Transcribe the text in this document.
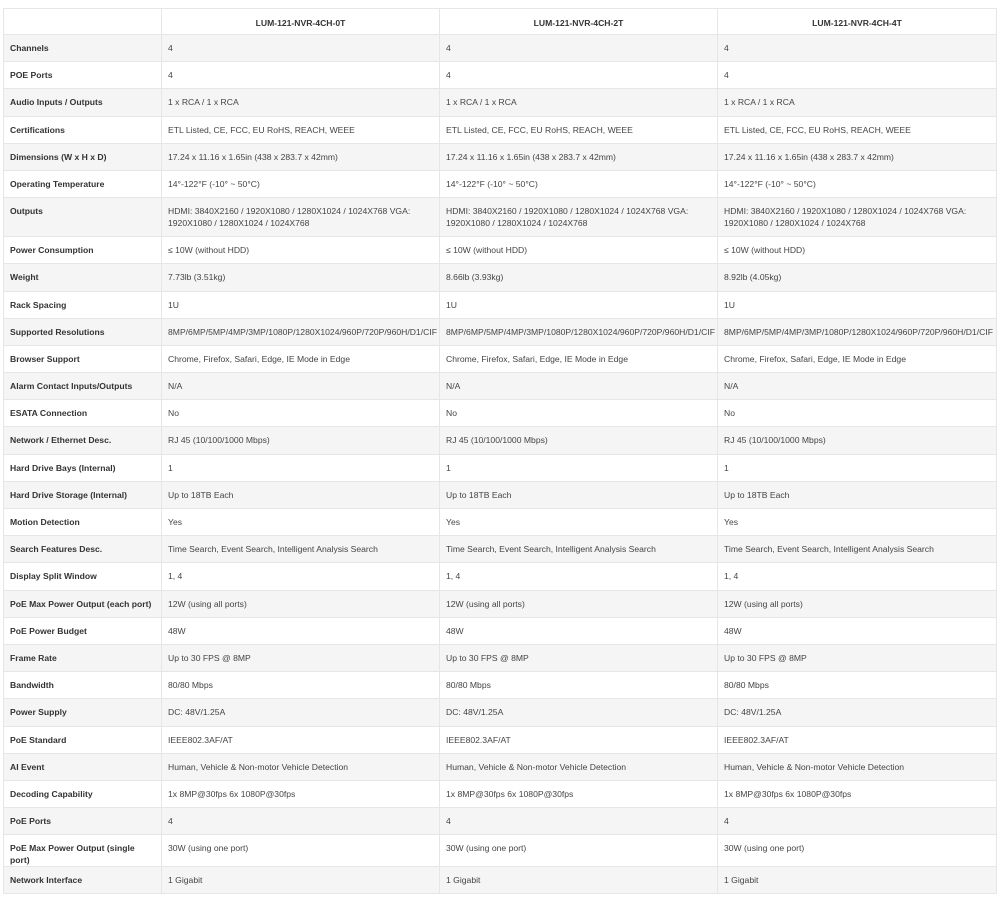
	LUM-121-NVR-4CH-0T	LUM-121-NVR-4CH-2T	LUM-121-NVR-4CH-4T
Channels	4	4	4
POE Ports	4	4	4
Audio Inputs / Outputs	1 x RCA / 1 x RCA	1 x RCA / 1 x RCA	1 x RCA / 1 x RCA
Certifications	ETL Listed, CE, FCC, EU RoHS, REACH, WEEE	ETL Listed, CE, FCC, EU RoHS, REACH, WEEE	ETL Listed, CE, FCC, EU RoHS, REACH, WEEE
Dimensions (W x H x D)	17.24 x 11.16 x 1.65in (438 x 283.7 x 42mm)	17.24 x 11.16 x 1.65in (438 x 283.7 x 42mm)	17.24 x 11.16 x 1.65in (438 x 283.7 x 42mm)
Operating Temperature	14°-122°F (-10° ~ 50°C)	14°-122°F (-10° ~ 50°C)	14°-122°F (-10° ~ 50°C)
Outputs	HDMI: 3840X2160 / 1920X1080 / 1280X1024 / 1024X768 VGA: 1920X1080 / 1280X1024 / 1024X768	HDMI: 3840X2160 / 1920X1080 / 1280X1024 / 1024X768 VGA: 1920X1080 / 1280X1024 / 1024X768	HDMI: 3840X2160 / 1920X1080 / 1280X1024 / 1024X768 VGA: 1920X1080 / 1280X1024 / 1024X768
Power Consumption	≤ 10W (without HDD)	≤ 10W (without HDD)	≤ 10W (without HDD)
Weight	7.73lb (3.51kg)	8.66lb (3.93kg)	8.92lb (4.05kg)
Rack Spacing	1U	1U	1U
Supported Resolutions	8MP/6MP/5MP/4MP/3MP/1080P/1280X1024/960P/720P/960H/D1/CIF	8MP/6MP/5MP/4MP/3MP/1080P/1280X1024/960P/720P/960H/D1/CIF	8MP/6MP/5MP/4MP/3MP/1080P/1280X1024/960P/720P/960H/D1/CIF
Browser Support	Chrome, Firefox, Safari, Edge, IE Mode in Edge	Chrome, Firefox, Safari, Edge, IE Mode in Edge	Chrome, Firefox, Safari, Edge, IE Mode in Edge
Alarm Contact Inputs/Outputs	N/A	N/A	N/A
ESATA Connection	No	No	No
Network / Ethernet Desc.	RJ 45 (10/100/1000 Mbps)	RJ 45 (10/100/1000 Mbps)	RJ 45 (10/100/1000 Mbps)
Hard Drive Bays (Internal)	1	1	1
Hard Drive Storage (Internal)	Up to 18TB Each	Up to 18TB Each	Up to 18TB Each
Motion Detection	Yes	Yes	Yes
Search Features Desc.	Time Search, Event Search, Intelligent Analysis Search	Time Search, Event Search, Intelligent Analysis Search	Time Search, Event Search, Intelligent Analysis Search
Display Split Window	1, 4	1, 4	1, 4
PoE Max Power Output (each port)	12W (using all ports)	12W (using all ports)	12W (using all ports)
PoE Power Budget	48W	48W	48W
Frame Rate	Up to 30 FPS @ 8MP	Up to 30 FPS @ 8MP	Up to 30 FPS @ 8MP
Bandwidth	80/80 Mbps	80/80 Mbps	80/80 Mbps
Power Supply	DC: 48V/1.25A	DC: 48V/1.25A	DC: 48V/1.25A
PoE Standard	IEEE802.3AF/AT	IEEE802.3AF/AT	IEEE802.3AF/AT
AI Event	Human, Vehicle & Non-motor Vehicle Detection	Human, Vehicle & Non-motor Vehicle Detection	Human, Vehicle & Non-motor Vehicle Detection
Decoding Capability	1x 8MP@30fps 6x 1080P@30fps	1x 8MP@30fps 6x 1080P@30fps	1x 8MP@30fps 6x 1080P@30fps
PoE Ports	4	4	4
PoE Max Power Output (single port)	30W (using one port)	30W (using one port)	30W (using one port)
Network Interface	1 Gigabit	1 Gigabit	1 Gigabit
